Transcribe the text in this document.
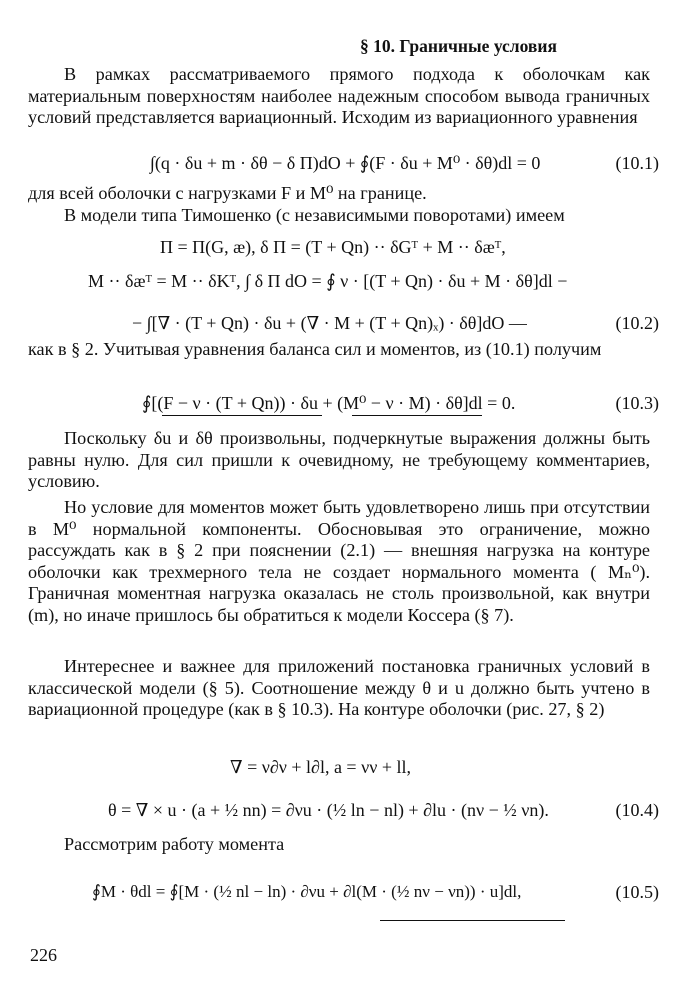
§ 10. Граничные условия
В рамках рассматриваемого прямого подхода к оболочкам как материальным поверхностям наиболее надежным способом вывода граничных условий представляется вариационный. Исходим из вариационного уравнения
∫(q · δu + m · δθ − δ Π)dO + ∮(F · δu + M⁰ · δθ)dl = 0	(10.1)
для всей оболочки с нагрузками F и M⁰ на границе.
В модели типа Тимошенко (с независимыми поворотами) имеем
Π = Π(G, æ), δ Π = (T + Qn) ·· δGᵀ + M ·· δæᵀ,
M ·· δæᵀ = M ·· δKᵀ, ∫ δ Π dO = ∮ ν · [(T + Qn) · δu + M · δθ]dl −
− ∫[∇ · (T + Qn) · δu + (∇ · M + (T + Qn)ₓ) · δθ]dO —	(10.2)
как в § 2. Учитывая уравнения баланса сил и моментов, из (10.1) получим
∮[(F − ν · (T + Qn)) · δu + (M⁰ − ν · M) · δθ]dl = 0.	(10.3)
Поскольку δu и δθ произвольны, подчеркнутые выражения должны быть равны нулю. Для сил пришли к очевидному, не требующему комментариев, условию.
Но условие для моментов может быть удовлетворено лишь при отсутствии в M⁰ нормальной компоненты. Обосновывая это ограничение, можно рассуждать как в § 2 при пояснении (2.1) — внешняя нагрузка на контуре оболочки как трехмерного тела не создает нормального момента ( Mₙ⁰). Граничная моментная нагрузка оказалась не столь произвольной, как внутри (m), но иначе пришлось бы обратиться к модели Коссера (§ 7).
Интереснее и важнее для приложений постановка граничных условий в классической модели (§ 5). Соотношение между θ и u должно быть учтено в вариационной процедуре (как в § 10.3). На контуре оболочки (рис. 27, § 2)
∇ = ν∂ν + l∂l, a = νν + ll,
θ = ∇ × u · (a + ½ nn) = ∂νu · (½ ln − nl) + ∂lu · (nν − ½ νn).	(10.4)
Рассмотрим работу момента
∮M · θdl = ∮[M · (½ nl − ln) · ∂νu + ∂l(M · (½ nν − νn)) · u]dl,	(10.5)
226
